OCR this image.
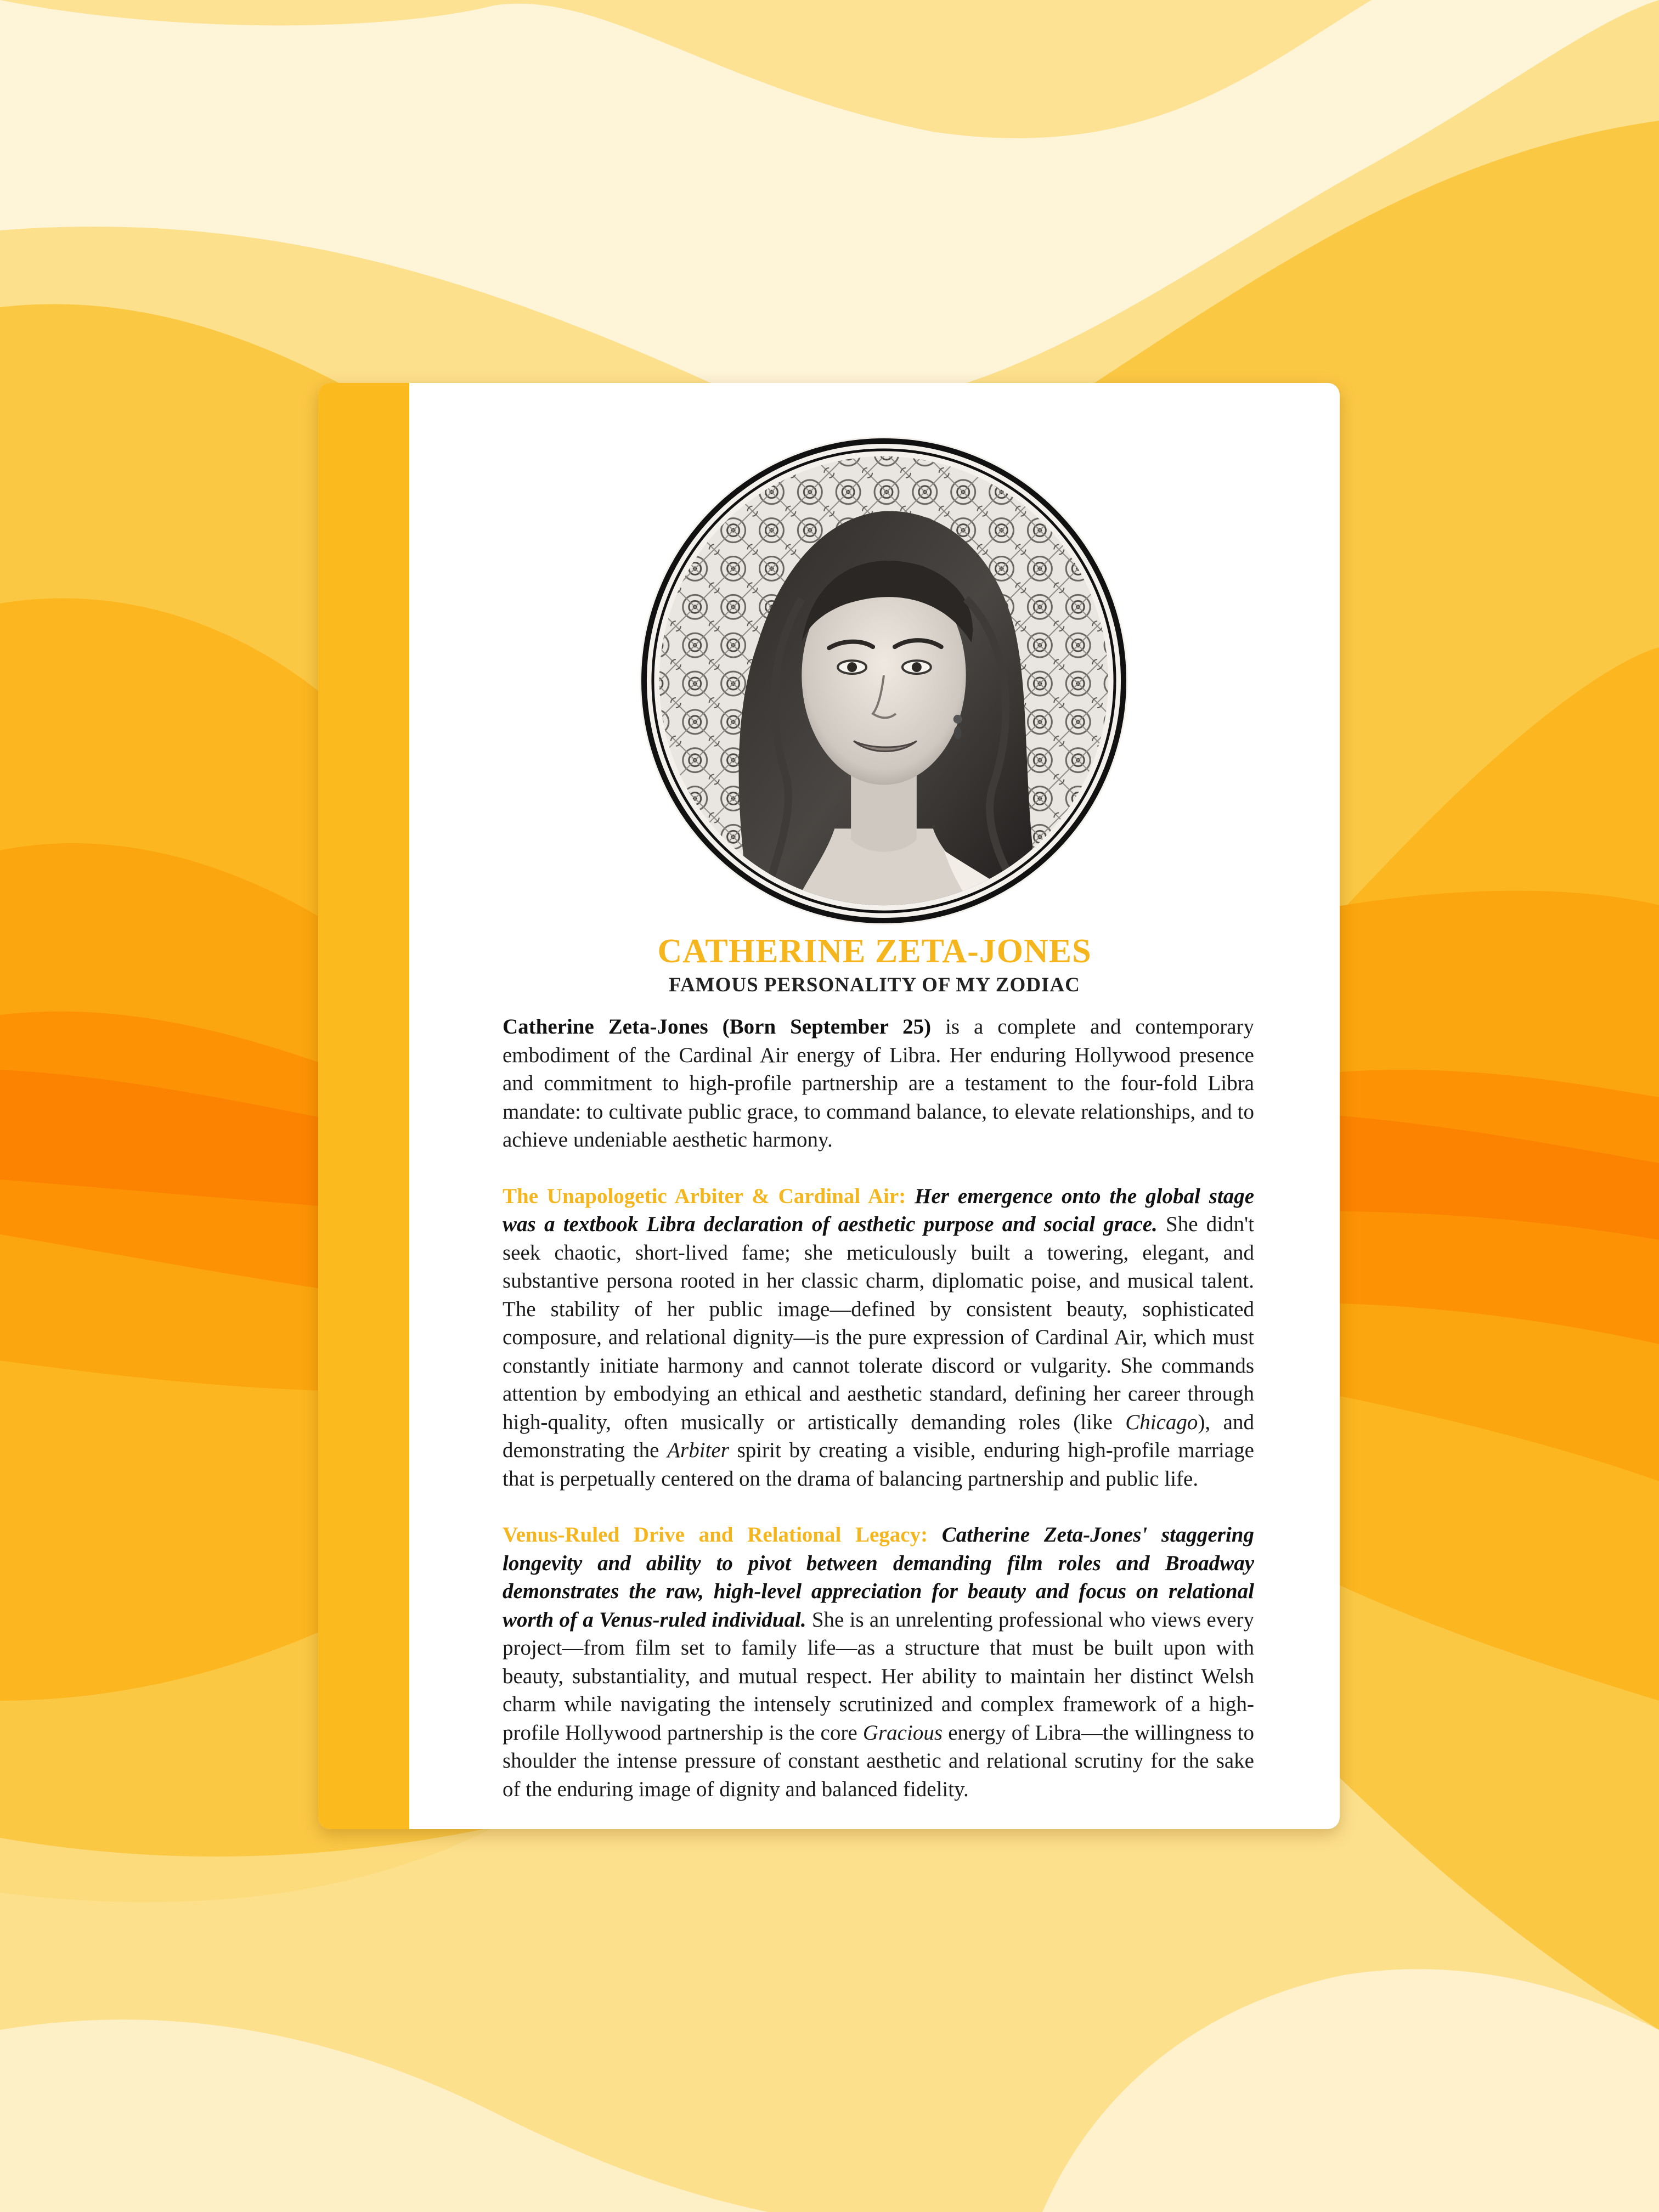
CATHERINE ZETA-JONES
FAMOUS PERSONALITY OF MY ZODIAC

Catherine Zeta-Jones (Born September 25) is a complete and contemporary embodiment of the Cardinal Air energy of Libra. Her enduring Hollywood presence and commitment to high-profile partnership are a testament to the four-fold Libra mandate: to cultivate public grace, to command balance, to elevate relationships, and to achieve undeniable aesthetic harmony.

The Unapologetic Arbiter & Cardinal Air: Her emergence onto the global stage was a textbook Libra declaration of aesthetic purpose and social grace. She didn't seek chaotic, short-lived fame; she meticulously built a towering, elegant, and substantive persona rooted in her classic charm, diplomatic poise, and musical talent. The stability of her public image—defined by consistent beauty, sophisticated composure, and relational dignity—is the pure expression of Cardinal Air, which must constantly initiate harmony and cannot tolerate discord or vulgarity. She commands attention by embodying an ethical and aesthetic standard, defining her career through high-quality, often musically or artistically demanding roles (like Chicago), and demonstrating the Arbiter spirit by creating a visible, enduring high-profile marriage that is perpetually centered on the drama of balancing partnership and public life.

Venus-Ruled Drive and Relational Legacy: Catherine Zeta-Jones' staggering longevity and ability to pivot between demanding film roles and Broadway demonstrates the raw, high-level appreciation for beauty and focus on relational worth of a Venus-ruled individual. She is an unrelenting professional who views every project—from film set to family life—as a structure that must be built upon with beauty, substantiality, and mutual respect. Her ability to maintain her distinct Welsh charm while navigating the intensely scrutinized and complex framework of a high-profile Hollywood partnership is the core Gracious energy of Libra—the willingness to shoulder the intense pressure of constant aesthetic and relational scrutiny for the sake of the enduring image of dignity and balanced fidelity.
